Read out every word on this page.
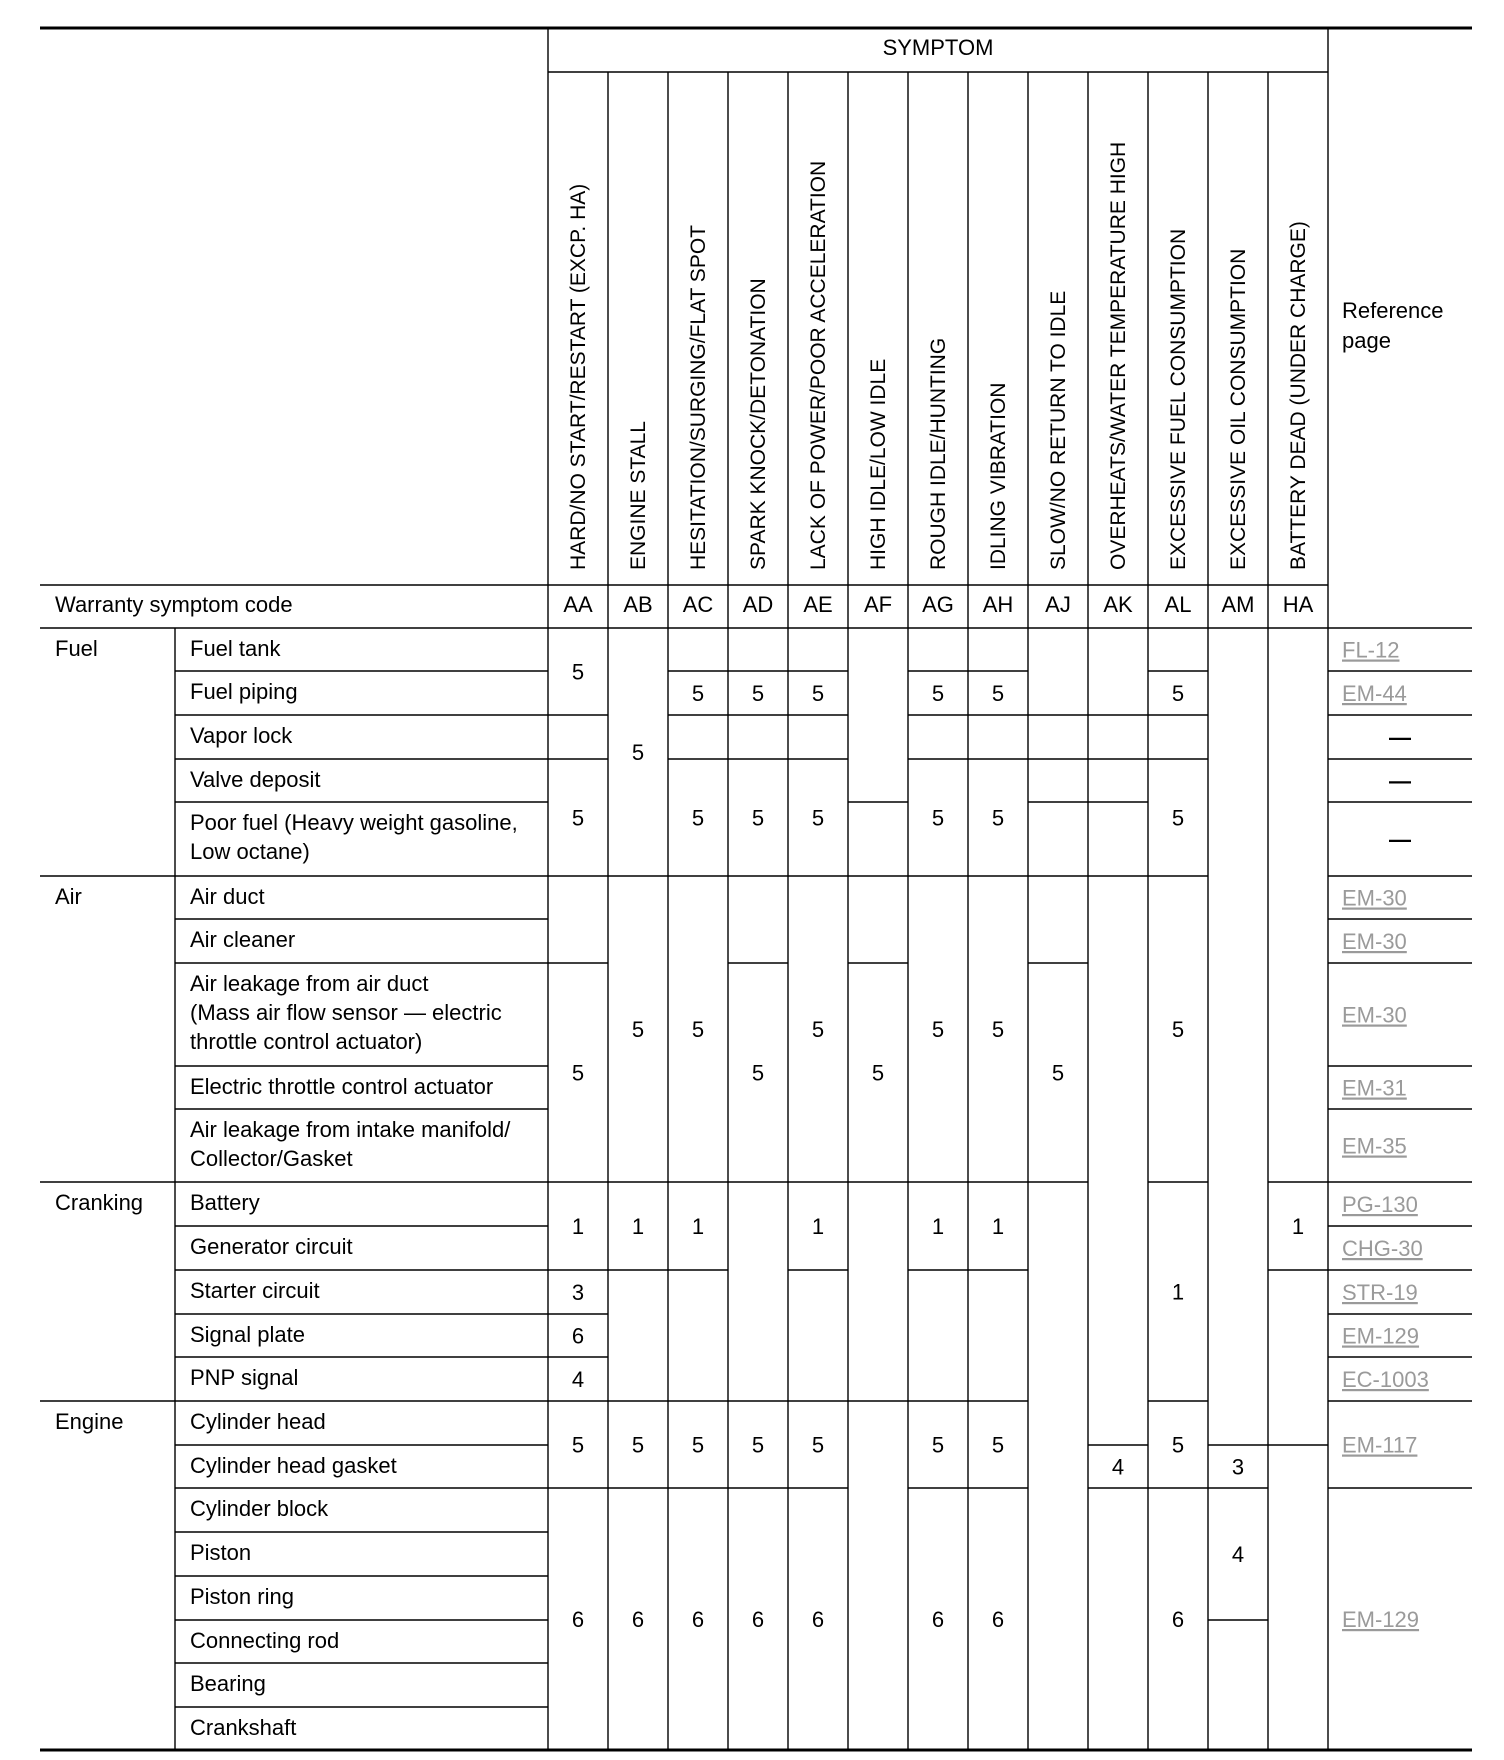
SYMPTOM
Reference
page
Warranty symptom code
HARD/NO START/RESTART (EXCP. HA)
AA
ENGINE STALL
AB
HESITATION/SURGING/FLAT SPOT
AC
SPARK KNOCK/DETONATION
AD
LACK OF POWER/POOR ACCELERATION
AE
HIGH IDLE/LOW IDLE
AF
ROUGH IDLE/HUNTING
AG
IDLING VIBRATION
AH
SLOW/NO RETURN TO IDLE
AJ
OVERHEATS/WATER TEMPERATURE HIGH
AK
EXCESSIVE FUEL CONSUMPTION
AL
EXCESSIVE OIL CONSUMPTION
AM
BATTERY DEAD (UNDER CHARGE)
HA
Fuel
Air
Cranking
Engine
Fuel tank
Fuel piping
Vapor lock
Valve deposit
Poor fuel (Heavy weight gasoline,
Low octane)
Air duct
Air cleaner
Air leakage from air duct
(Mass air flow sensor — electric
throttle control actuator)
Electric throttle control actuator
Air leakage from intake manifold/
Collector/Gasket
Battery
Generator circuit
Starter circuit
Signal plate
PNP signal
Cylinder head
Cylinder head gasket
Cylinder block
Piston
Piston ring
Connecting rod
Bearing
Crankshaft
5
5
5
1
3
6
4
5
6
5
5
1
5
6
5
5
5
1
5
6
5
5
5
5
6
5
5
5
1
5
6
5
5
5
5
1
5
6
5
5
5
1
5
6
5
4
5
5
5
1
5
6
3
4
1
FL-12
EM-44
—
—
—
EM-30
EM-30
EM-30
EM-31
EM-35
PG-130
CHG-30
STR-19
EM-129
EC-1003
EM-117
EM-129
